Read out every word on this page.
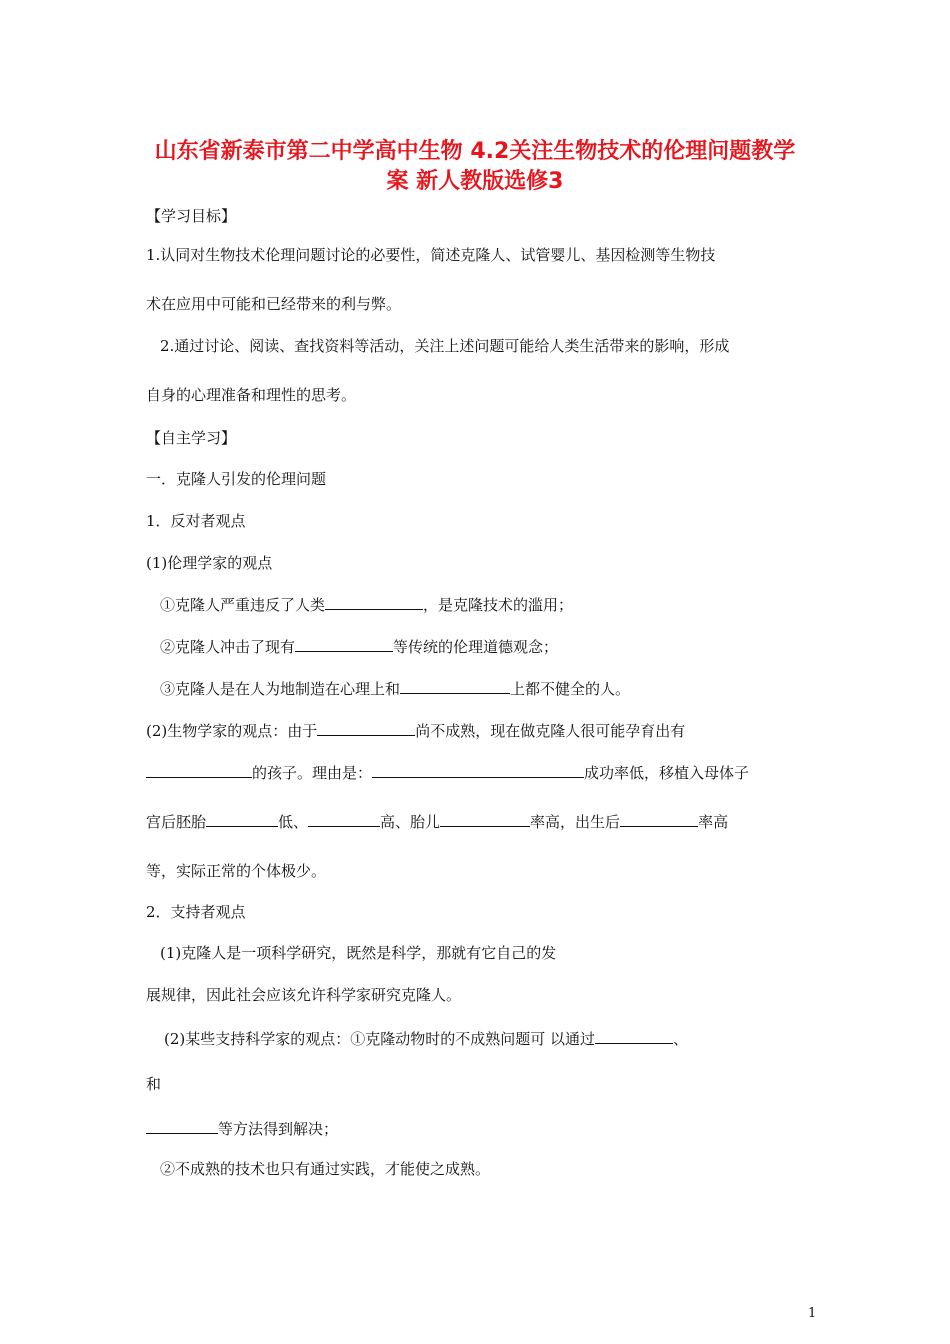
山东省新泰市第二中学高中生物 4.2关注生物技术的伦理问题教学
案 新人教版选修3
【学习目标】
1.认同对生物技术伦理问题讨论的必要性，简述克隆人、试管婴儿、基因检测等生物技
术在应用中可能和已经带来的利与弊。
2.通过讨论、阅读、查找资料等活动，关注上述问题可能给人类生活带来的影响，形成
自身的心理准备和理性的思考。
【自主学习】
一．克隆人引发的伦理问题
1．反对者观点
(1)伦理学家的观点
①克隆人严重违反了人类	，是克隆技术的滥用；
②克隆人冲击了现有	等传统的伦理道德观念；
③克隆人是在人为地制造在心理上和	上都不健全的人。
(2)生物学家的观点：由于	尚不成熟，现在做克隆人很可能孕育出有
的孩子。理由是：	成功率低，移植入母体子
宫后胚胎	低、	高、胎儿	率高，出生后	率高
等，实际正常的个体极少。
2．支持者观点
(1)克隆人是一项科学研究，既然是科学，那就有它自己的发
展规律，因此社会应该允许科学家研究克隆人。
(2)某些支持科学家的观点：①克隆动物时的不成熟问题可 以通过	、
和
等方法得到解决；
②不成熟的技术也只有通过实践，才能使之成熟。
1
